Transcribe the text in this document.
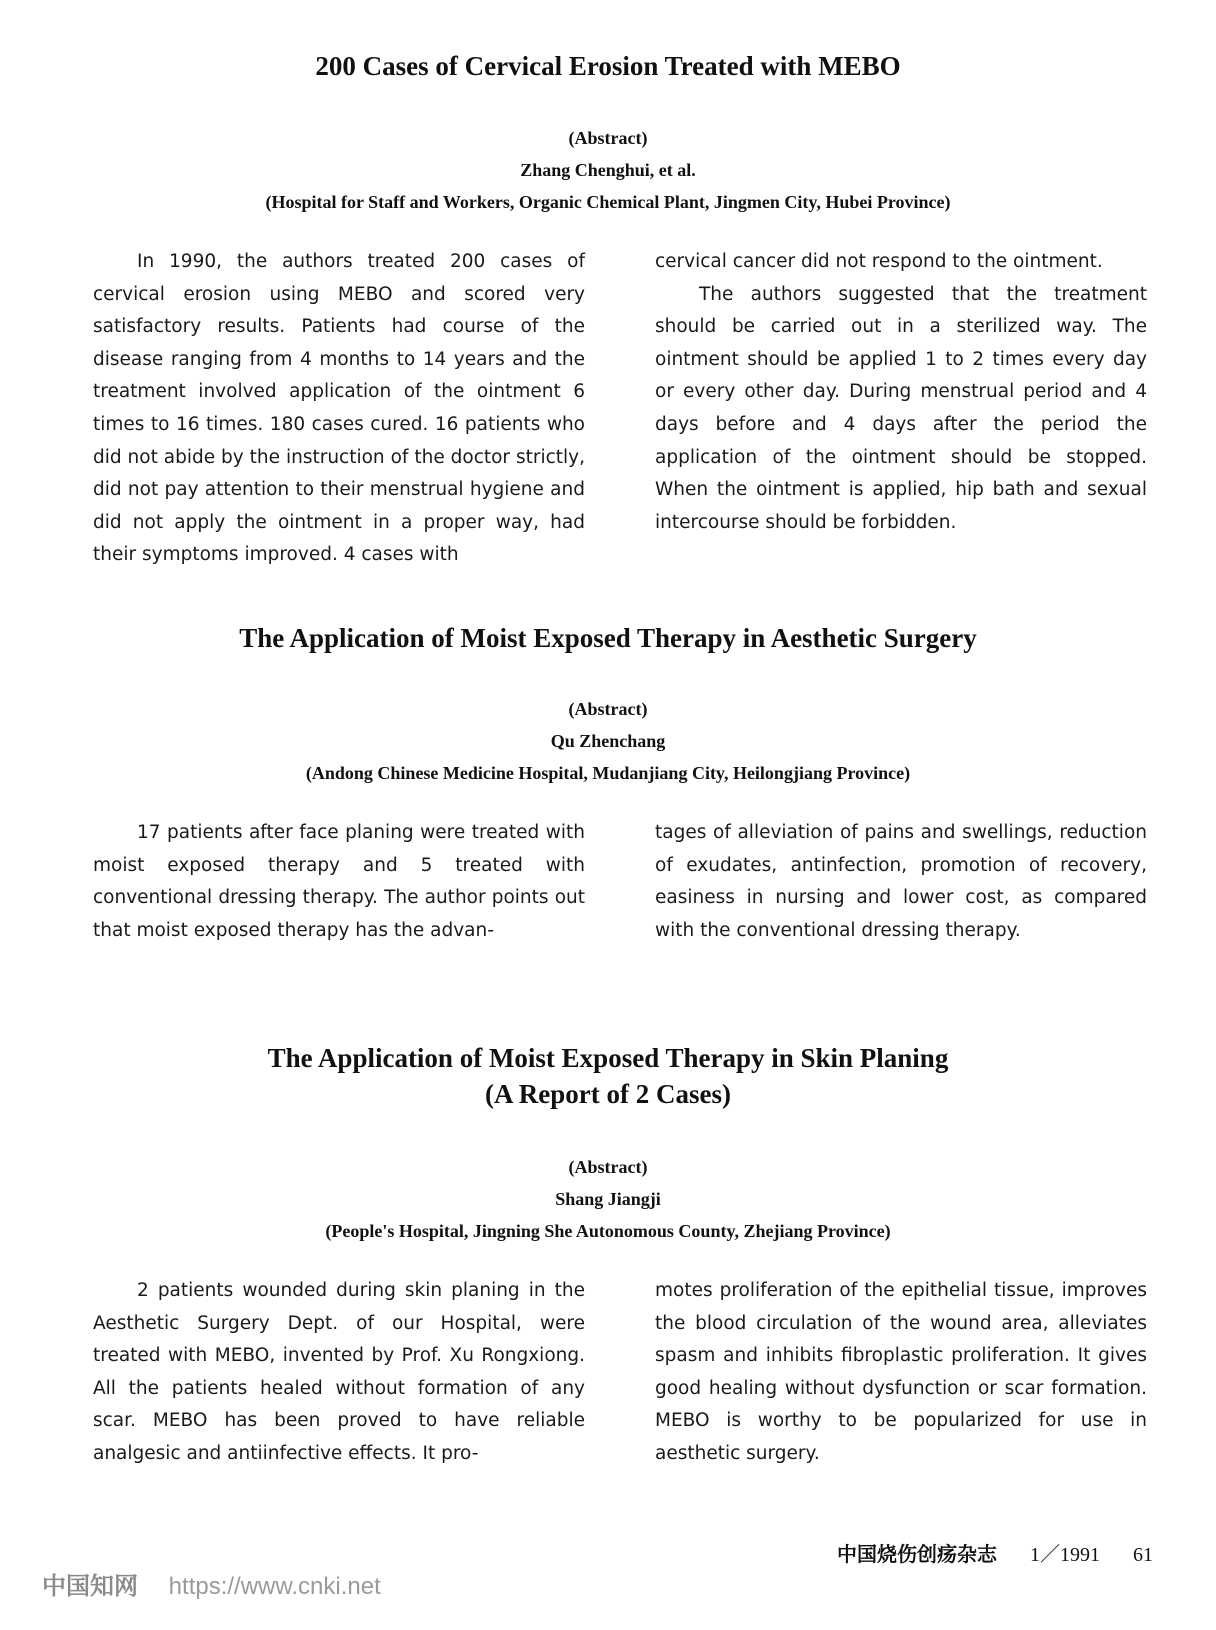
200 Cases of Cervical Erosion Treated with MEBO
(Abstract)
Zhang Chenghui, et al.
(Hospital for Staff and Workers, Organic Chemical Plant, Jingmen City, Hubei Province)

In 1990, the authors treated 200 cases of cervical erosion using MEBO and scored very satisfactory results. Patients had course of the disease ranging from 4 months to 14 years and the treatment involved application of the ointment 6 times to 16 times. 180 cases cured. 16 patients who did not abide by the instruction of the doctor strictly, did not pay attention to their menstrual hygiene and did not apply the ointment in a proper way, had their symptoms improved. 4 cases with

cervical cancer did not respond to the ointment.

The authors suggested that the treatment should be carried out in a sterilized way. The ointment should be applied 1 to 2 times every day or every other day. During menstrual period and 4 days before and 4 days after the period the application of the ointment should be stopped. When the ointment is applied, hip bath and sexual intercourse should be forbidden.

The Application of Moist Exposed Therapy in Aesthetic Surgery
(Abstract)
Qu Zhenchang
(Andong Chinese Medicine Hospital, Mudanjiang City, Heilongjiang Province)

17 patients after face planing were treated with moist exposed therapy and 5 treated with conventional dressing therapy. The author points out that moist exposed therapy has the advan-

tages of alleviation of pains and swellings, reduction of exudates, antinfection, promotion of recovery, easiness in nursing and lower cost, as compared with the conventional dressing therapy.

The Application of Moist Exposed Therapy in Skin Planing
(A Report of 2 Cases)
(Abstract)
Shang Jiangji
(People's Hospital, Jingning She Autonomous County, Zhejiang Province)

2 patients wounded during skin planing in the Aesthetic Surgery Dept. of our Hospital, were treated with MEBO, invented by Prof. Xu Rongxiong. All the patients healed without formation of any scar. MEBO has been proved to have reliable analgesic and antiinfective effects. It pro-

motes proliferation of the epithelial tissue, improves the blood circulation of the wound area, alleviates spasm and inhibits fibroplastic proliferation. It gives good healing without dysfunction or scar formation. MEBO is worthy to be popularized for use in aesthetic surgery.

中国烧伤创疡杂志 1／1991 61
中国知网 https://www.cnki.net
